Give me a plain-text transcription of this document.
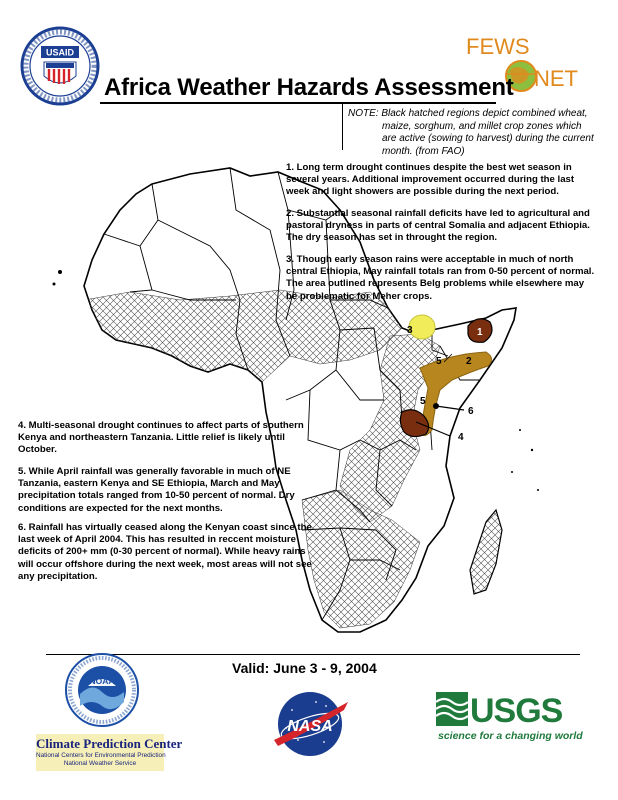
USAID	FEWS
NET
Africa Weather Hazards Assessment
NOTE: Black hatched regions depict combined wheat,
maize, sorghum, and millet crop zones which
are active (sowing to harvest) during the current
month. (from FAO)
1
2
3
4
5
5
6
1. Long term drought continues despite the best wet season in several years. Additional improvement occurred during the last week and light showers are possible during the next period.
2. Substantial seasonal rainfall deficits have led to agricultural and pastoral dryness in parts of central Somalia and adjacent Ethiopia. The dry season has set in throught the region.
3. Though early season rains were acceptable in much of north central Ethiopia, May rainfall totals ran from 0-50 percent of normal. The area outlined represents Belg problems while elsewhere may be problematic for Meher crops.
4. Multi-seasonal drought continues to affect parts of southern Kenya and northeastern Tanzania. Little relief is likely until October.
5. While April rainfall was generally favorable in much of NE Tanzania, eastern Kenya and SE Ethiopia, March and May precipitation totals ranged from 10-50 percent of normal. Dry conditions are expected for the next months.
6. Rainfall has virtually ceased along the Kenyan coast since the last week of April 2004. This has resulted in reccent moisture deficits of 200+ mm (0-30 percent of normal). While heavy rains will occur offshore during the next week, most areas will not see any precipitation.
Valid: June 3 - 9, 2004
NOAA
Climate Prediction Center
National Centers for Environmental Prediction
National Weather Service
NASA	USGS
science for a changing world
